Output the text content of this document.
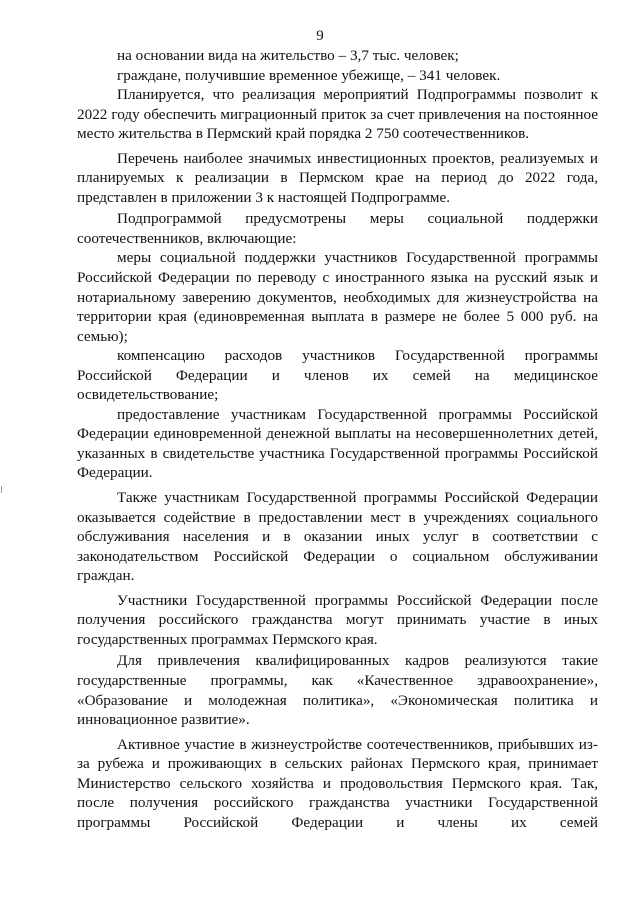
9

на основании вида на жительство – 3,7 тыс. человек;

граждане, получившие временное убежище, – 341 человек.

Планируется, что реализация мероприятий Подпрограммы позволит к 2022 году обеспечить миграционный приток за счет привлечения на постоянное место жительства в Пермский край порядка 2 750 соотечественников.

Перечень наиболее значимых инвестиционных проектов, реализуемых и планируемых к реализации в Пермском крае на период до 2022 года, представлен в приложении 3 к настоящей Подпрограмме.

Подпрограммой предусмотрены меры социальной поддержки соотечественников, включающие:

меры социальной поддержки участников Государственной программы Российской Федерации по переводу с иностранного языка на русский язык и нотариальному заверению документов, необходимых для жизнеустройства на территории края (единовременная выплата в размере не более 5 000 руб. на семью);

компенсацию расходов участников Государственной программы Российской Федерации и членов их семей на медицинское освидетельствование;

предоставление участникам Государственной программы Российской Федерации единовременной денежной выплаты на несовершеннолетних детей, указанных в свидетельстве участника Государственной программы Российской Федерации.

Также участникам Государственной программы Российской Федерации оказывается содействие в предоставлении мест в учреждениях социального обслуживания населения и в оказании иных услуг в соответствии с законодательством Российской Федерации о социальном обслуживании граждан.

Участники Государственной программы Российской Федерации после получения российского гражданства могут принимать участие в иных государственных программах Пермского края.

Для привлечения квалифицированных кадров реализуются такие государственные программы, как «Качественное здравоохранение», «Образование и молодежная политика», «Экономическая политика и инновационное развитие».

Активное участие в жизнеустройстве соотечественников, прибывших из-за рубежа и проживающих в сельских районах Пермского края, принимает Министерство сельского хозяйства и продовольствия Пермского края. Так, после получения российского гражданства участники Государственной программы Российской Федерации и члены их семей
